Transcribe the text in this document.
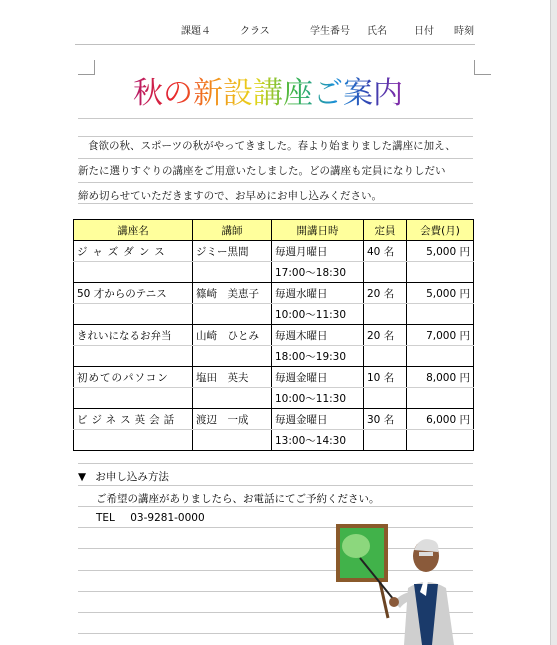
課題４	クラス	学生番号 氏名	日付 時刻
秋の新設講座ご案内

食欲の秋、スポーツの秋がやってきました。春より始まりました講座に加え、

新たに選りすぐりの講座をご用意いたしました。どの講座も定員になりしだい

締め切らせていただきますので、お早めにお申し込みください。

講座名	講師	開講日時	定員	会費(月)
ジャズダンス	ジミー黒間	毎週月曜日	40 名	5,000 円
		17:00～18:30		
50 才からのテニス	篠崎　美恵子	毎週水曜日	20 名	5,000 円
		10:00～11:30		
きれいになるお弁当	山崎　ひとみ	毎週木曜日	20 名	7,000 円
		18:00～19:30		
初めてのパソコン	塩田　英夫	毎週金曜日	10 名	8,000 円
		10:00～11:30		
ビジネス英会話	渡辺　一成	毎週金曜日	30 名	6,000 円
		13:00～14:30		
▼ お申し込み方法
ご希望の講座がありましたら、お電話にてご予約ください。
TEL 03-9281-0000
